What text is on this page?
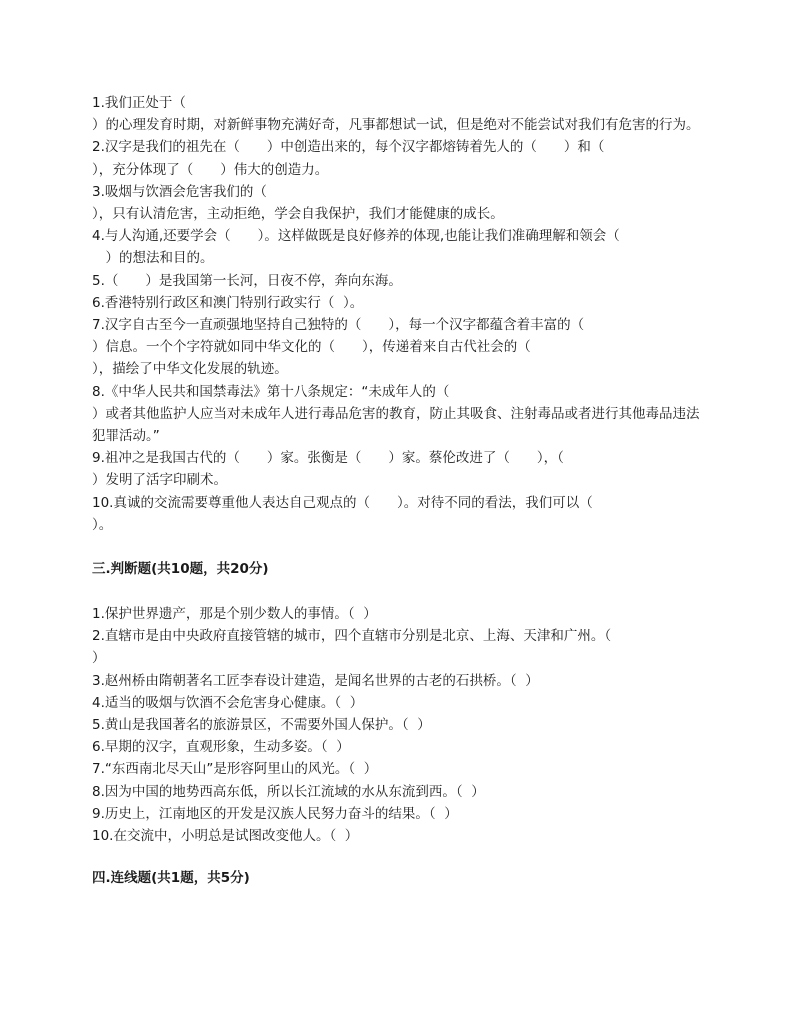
1.我们正处于（
）的心理发育时期，对新鲜事物充满好奇，凡事都想试一试，但是绝对不能尝试对我们有危害的行为。

2.汉字是我们的祖先在（　　）中创造出来的，每个汉字都熔铸着先人的（　　）和（
），充分体现了（　　）伟大的创造力。

3.吸烟与饮酒会危害我们的（
），只有认清危害，主动拒绝，学会自我保护，我们才能健康的成长。

4.与人沟通,还要学会（　　）。这样做既是良好修养的体现,也能让我们准确理解和领会（
　）的想法和目的。

5.（　　）是我国第一长河，日夜不停，奔向东海。

6.香港特别行政区和澳门特别行政实行（  ）。

7.汉字自古至今一直顽强地坚持自己独特的（　　），每一个汉字都蕴含着丰富的（
）信息。一个个字符就如同中华文化的（　　），传递着来自古代社会的（
），描绘了中华文化发展的轨迹。

8.《中华人民共和国禁毒法》第十八条规定：“未成年人的（
）或者其他监护人应当对未成年人进行毒品危害的教育，防止其吸食、注射毒品或者进行其他毒品违法犯罪活动。”

9.祖冲之是我国古代的（　　）家。张衡是（　　）家。蔡伦改进了（　　），（
）发明了活字印刷术。

10.真诚的交流需要尊重他人表达自己观点的（　　）。对待不同的看法，我们可以（
）。

三.判断题(共10题，共20分)

1.保护世界遗产，那是个别少数人的事情。（  ）

2.直辖市是由中央政府直接管辖的城市，四个直辖市分别是北京、上海、天津和广州。（
）

3.赵州桥由隋朝著名工匠李春设计建造，是闻名世界的古老的石拱桥。（  ）

4.适当的吸烟与饮酒不会危害身心健康。（  ）

5.黄山是我国著名的旅游景区，不需要外国人保护。（  ）

6.早期的汉字，直观形象，生动多姿。（  ）

7.“东西南北尽天山”是形容阿里山的风光。（  ）

8.因为中国的地势西高东低，所以长江流域的水从东流到西。（  ）

9.历史上，江南地区的开发是汉族人民努力奋斗的结果。（  ）

10.在交流中，小明总是试图改变他人。（  ）

四.连线题(共1题，共5分)
